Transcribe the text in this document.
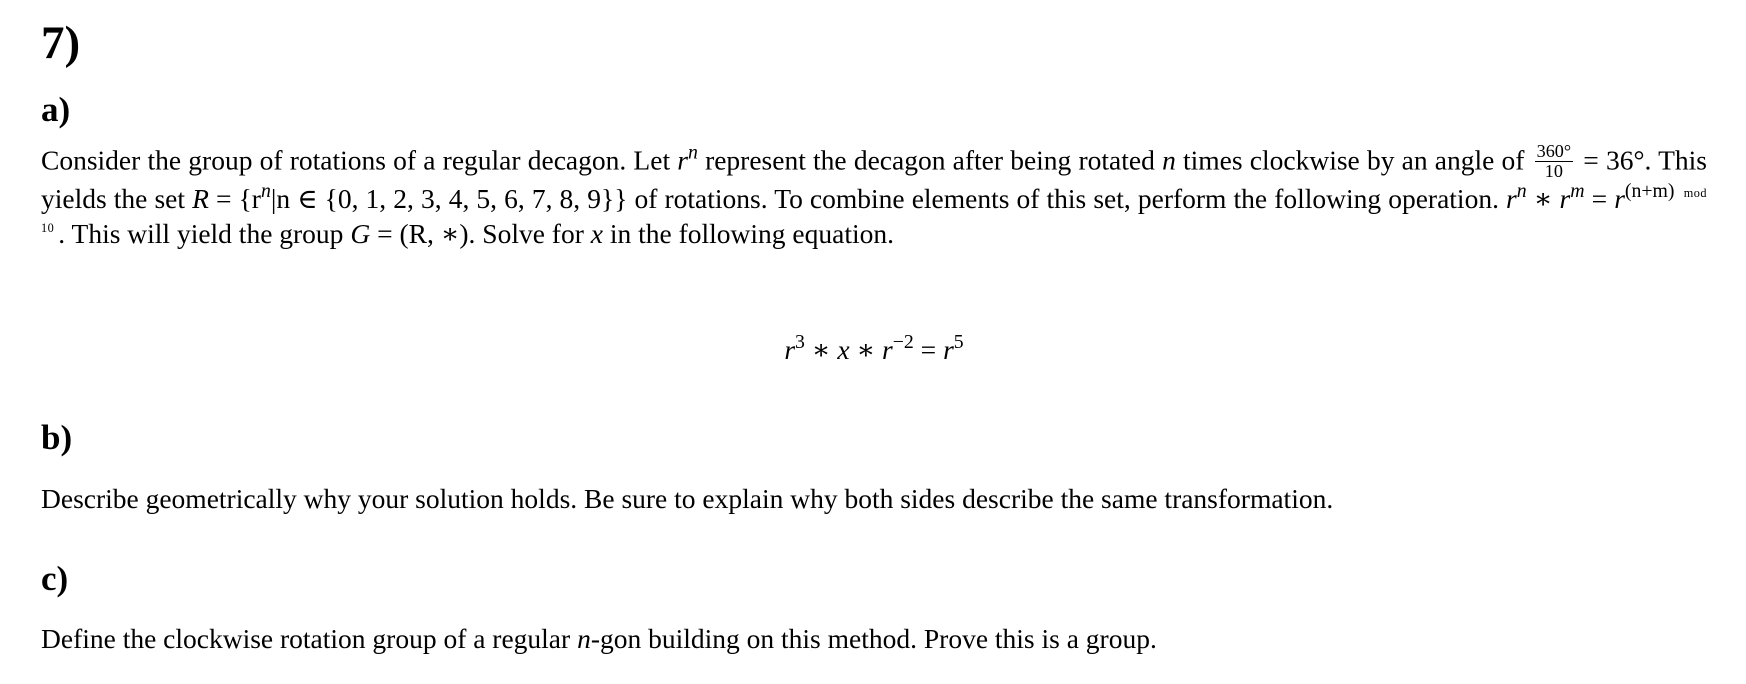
7)
a)

Consider the group of rotations of a regular decagon. Let $r^n$ represent the decagon after being rotated n times clockwise by an angle of $\frac{360^\circ}{10} = 36^\circ$. This yields the set $R = \{r^n|n$ ∈ {0, 1, 2, 3, 4, 5, 6, 7, 8, 9}} of rotations. To combine elements of this set, perform the following operation. $r^n$ ∗ $r^m = r^{(n+m) mod 10}$ . This will yield the group G = (R, ∗). Solve for x in the following equation.

$r^3$ ∗ x ∗ $r^{-2} = r^5$
b)

Describe geometrically why your solution holds. Be sure to explain why both sides describe the same transformation.

c)

Define the clockwise rotation group of a regular n-gon building on this method. Prove this is a group.
